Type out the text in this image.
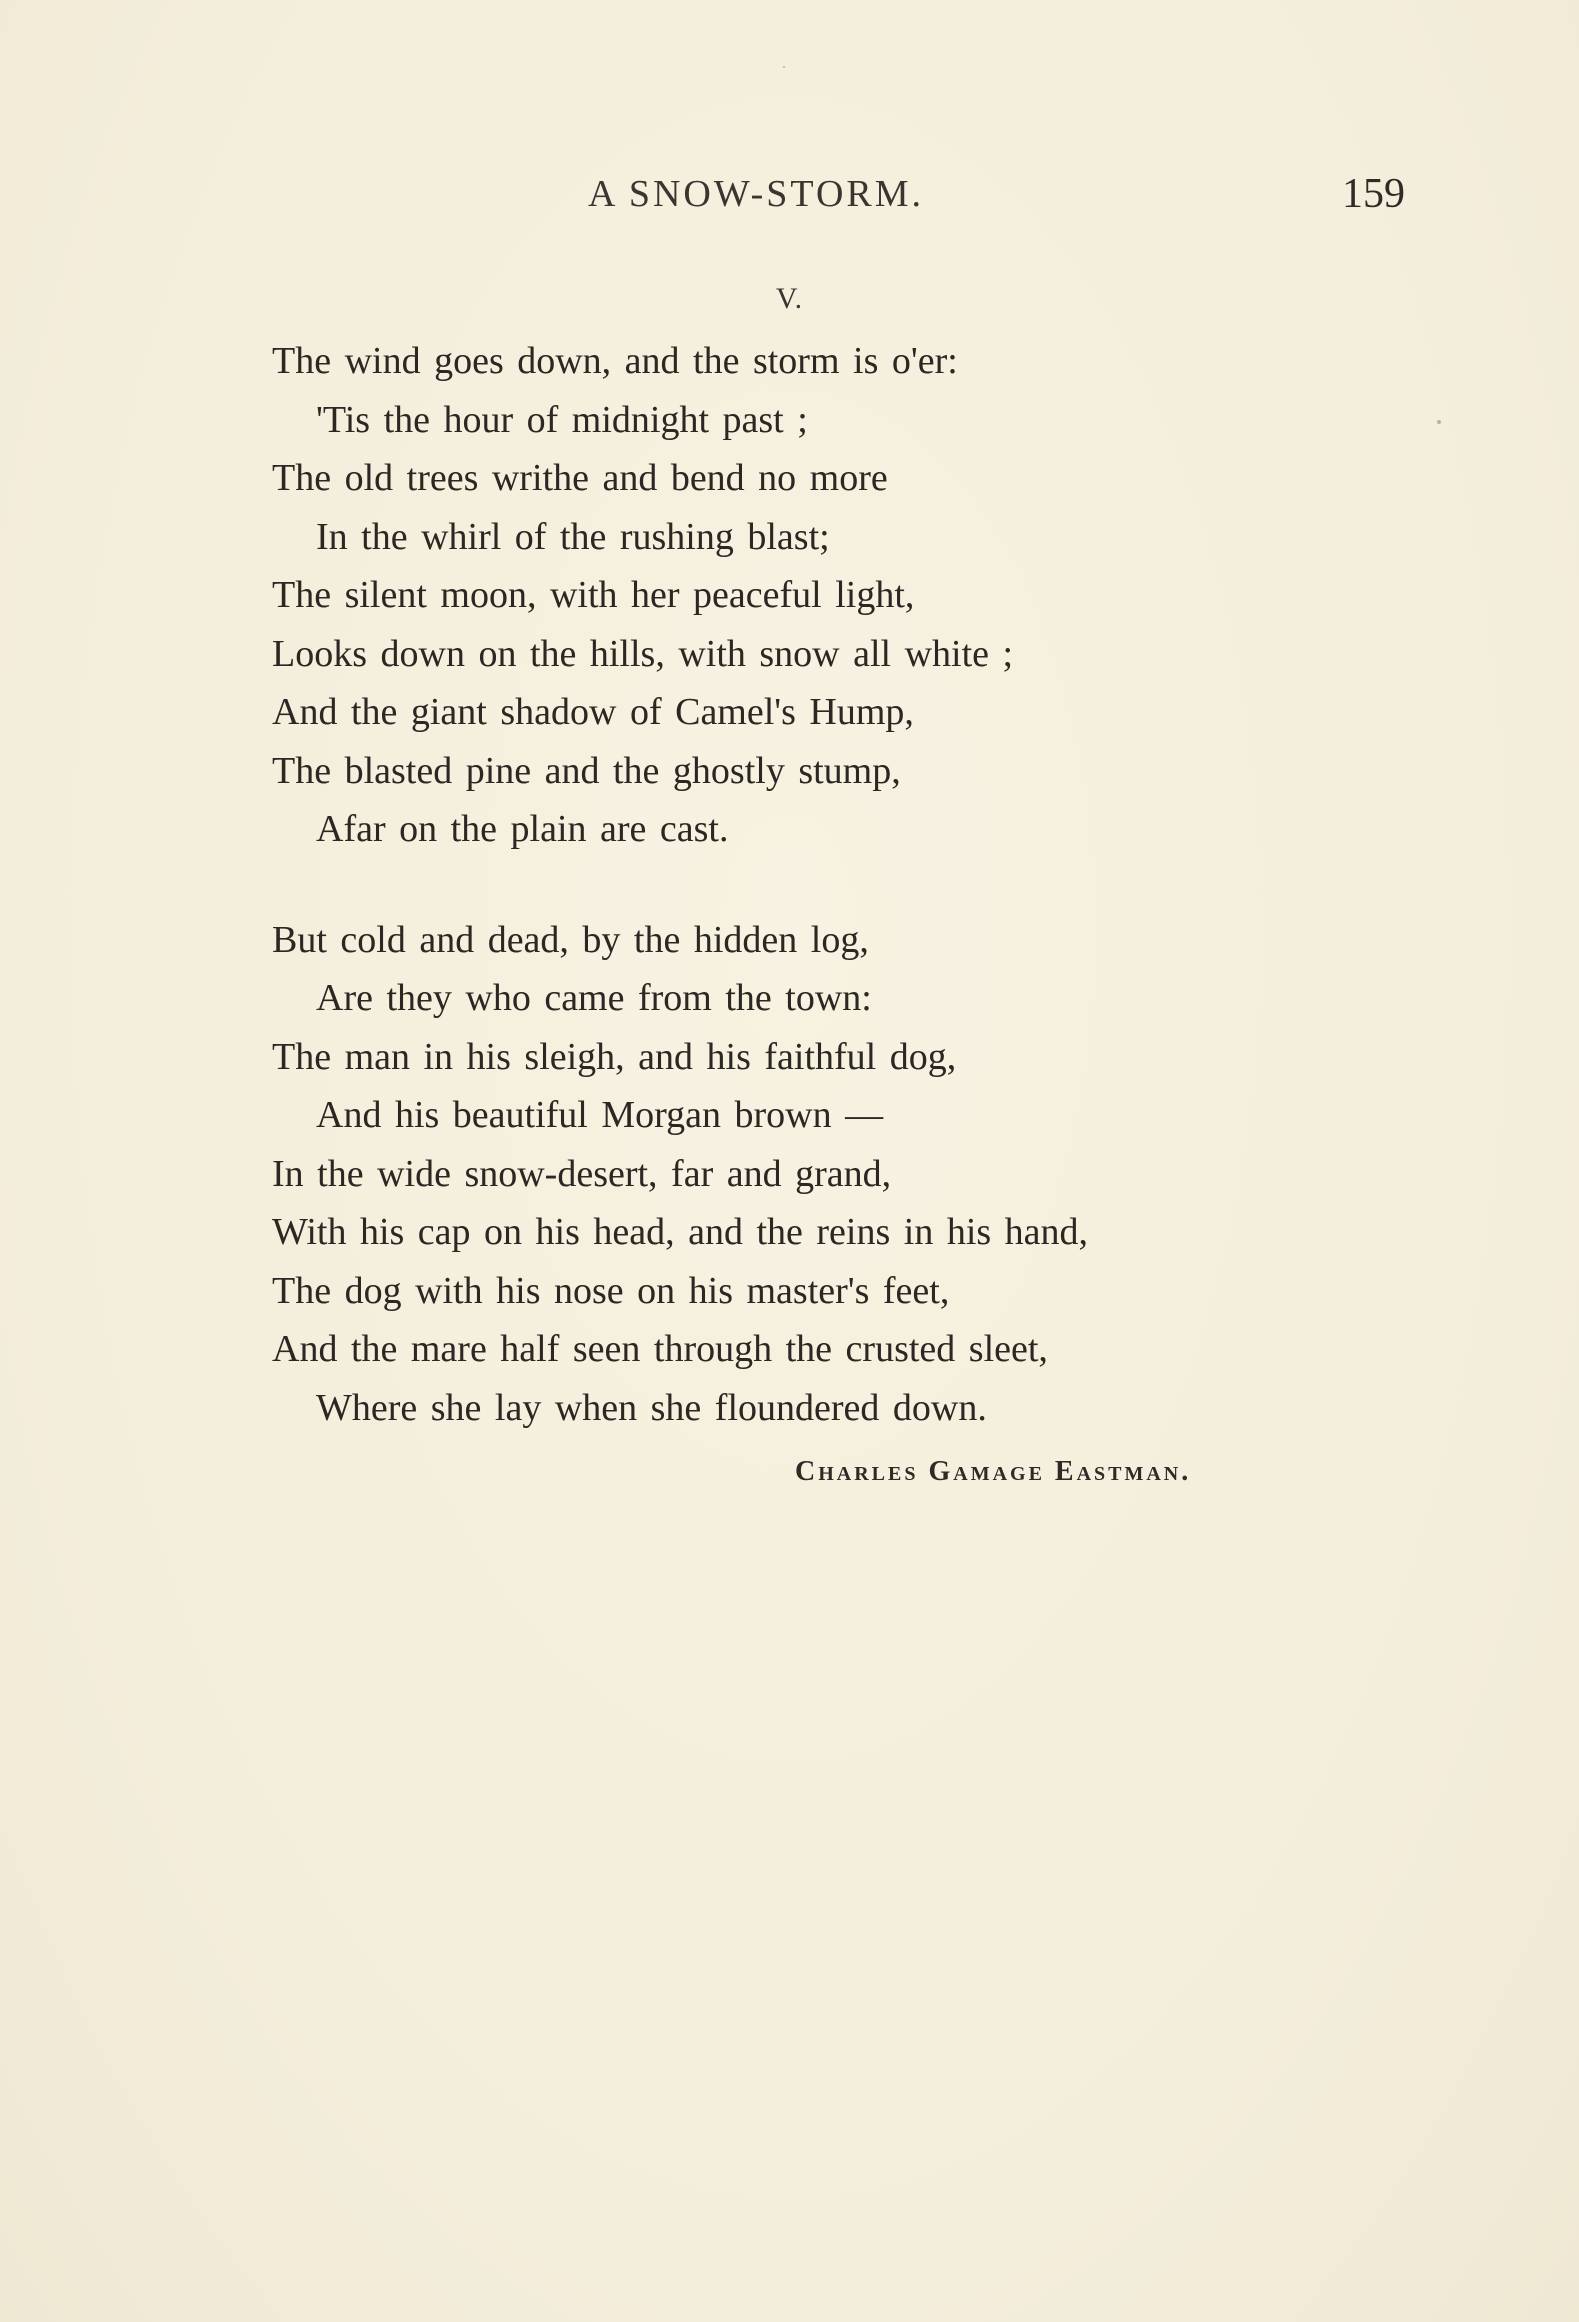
A SNOW-STORM.	159
V.
The wind goes down, and the storm is o'er:
'Tis the hour of midnight past ;
The old trees writhe and bend no more
In the whirl of the rushing blast;
The silent moon, with her peaceful light,
Looks down on the hills, with snow all white ;
And the giant shadow of Camel's Hump,
The blasted pine and the ghostly stump,
Afar on the plain are cast.
But cold and dead, by the hidden log,
Are they who came from the town:
The man in his sleigh, and his faithful dog,
And his beautiful Morgan brown —
In the wide snow-desert, far and grand,
With his cap on his head, and the reins in his hand,
The dog with his nose on his master's feet,
And the mare half seen through the crusted sleet,
Where she lay when she floundered down.
Charles Gamage Eastman.
